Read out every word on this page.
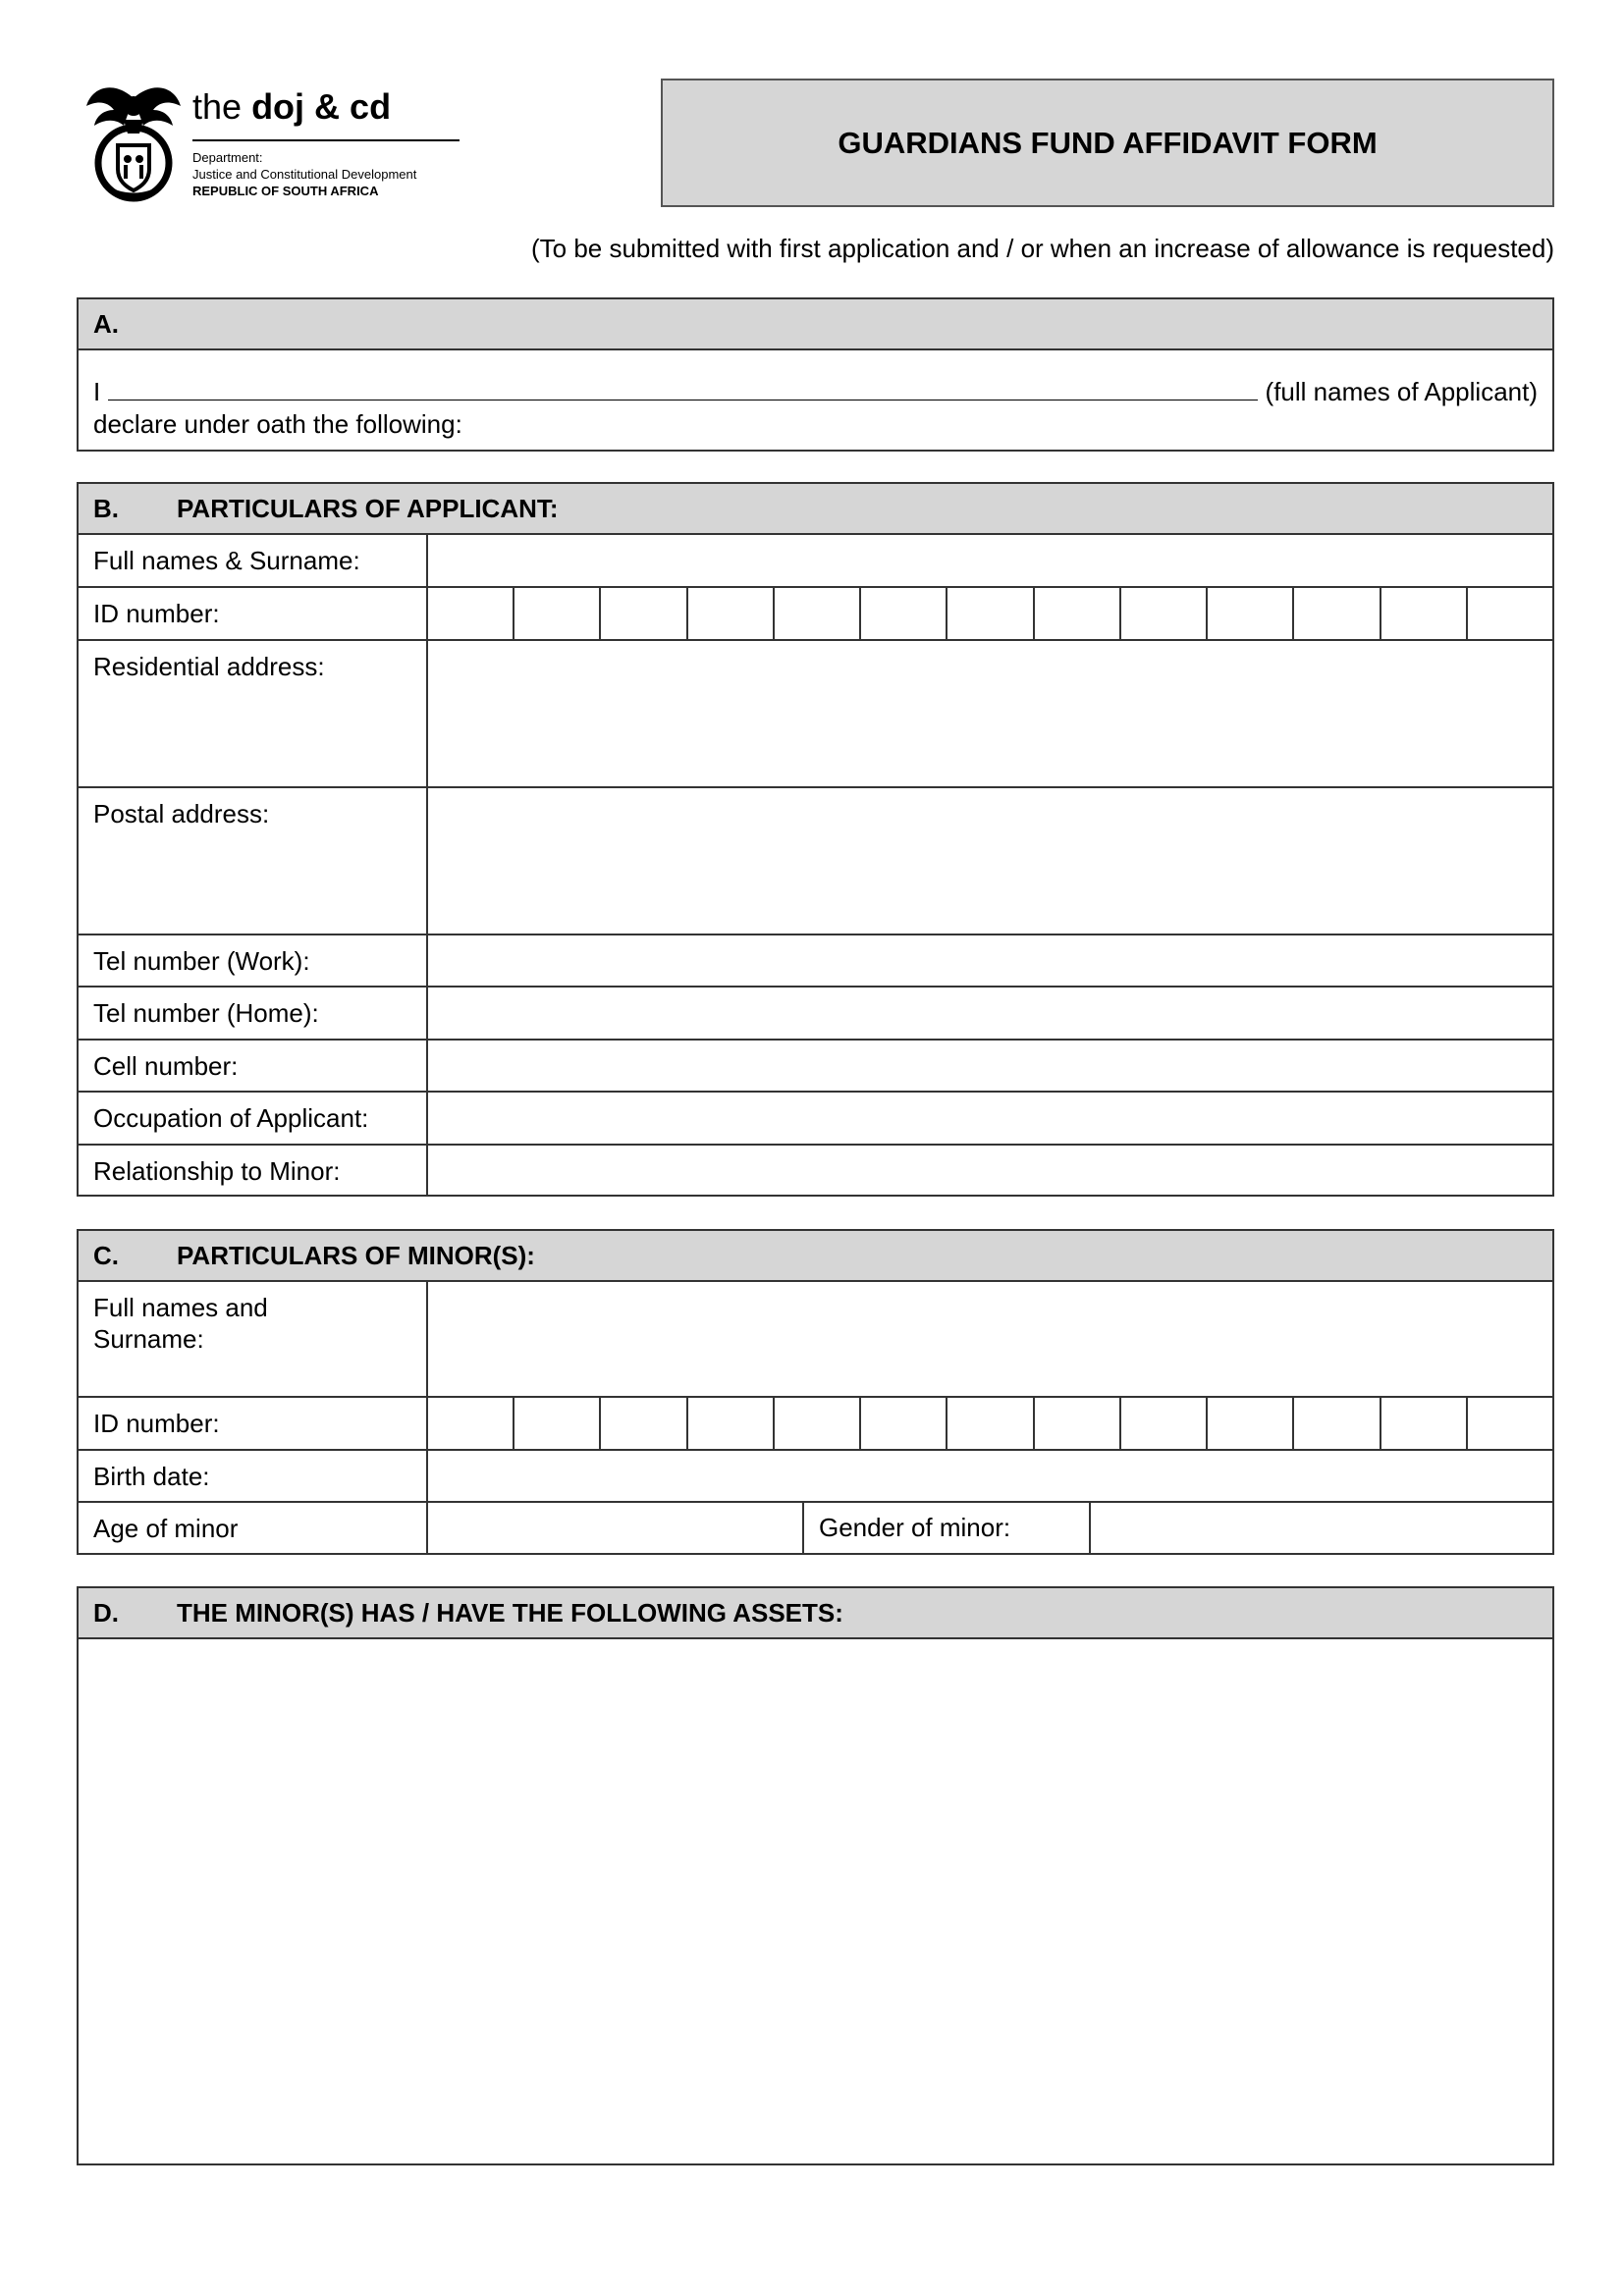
the doj & cd
Department:
Justice and Constitutional Development
REPUBLIC OF SOUTH AFRICA
GUARDIANS FUND AFFIDAVIT FORM
(To be submitted with first application and / or when an increase of allowance is requested)
A.
I	(full names of Applicant)
declare under oath the following:
B.	PARTICULARS OF APPLICANT:
Full names & Surname:
ID number:
Residential address:
Postal address:
Tel number (Work):
Tel number (Home):
Cell number:
Occupation of Applicant:
Relationship to Minor:
C.	PARTICULARS OF MINOR(S):
Full names and
Surname:
ID number:
Birth date:
Age of minor	Gender of minor:
D.	THE MINOR(S) HAS / HAVE THE FOLLOWING ASSETS:
